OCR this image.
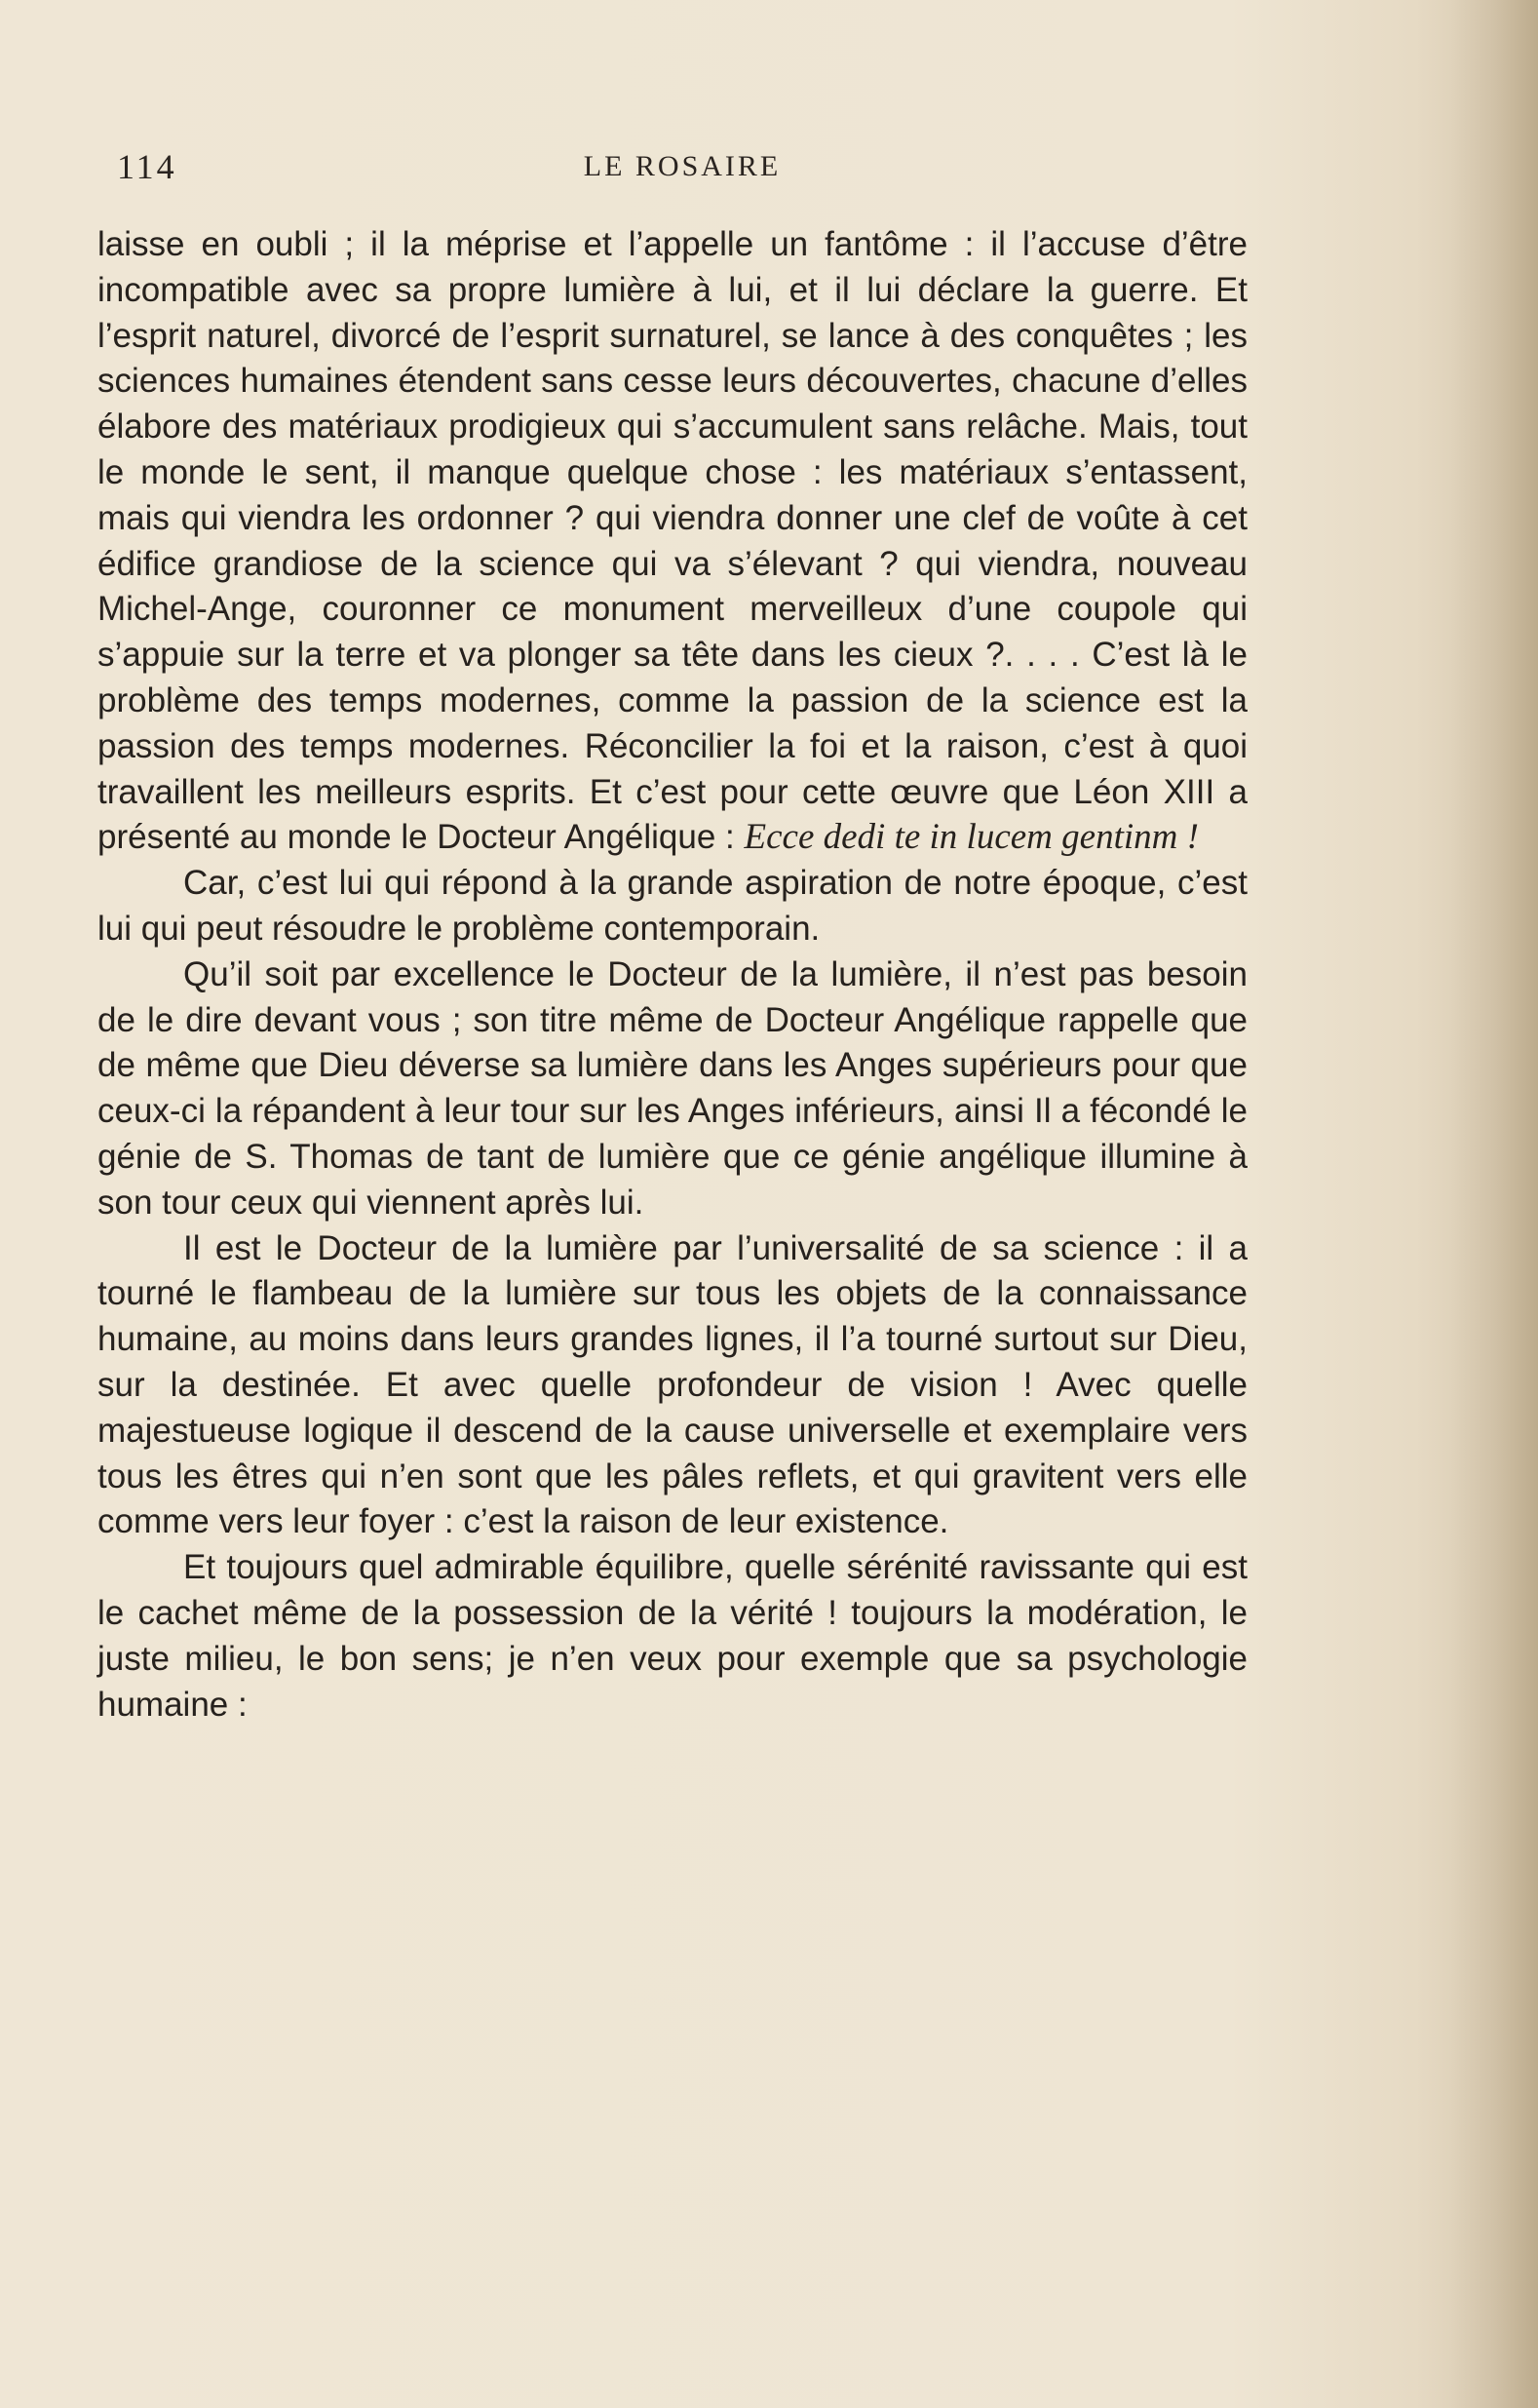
114	LE ROSAIRE

laisse en oubli ; il la méprise et l’appelle un fantôme : il l’accuse d’être incompatible avec sa propre lumière à lui, et il lui déclare la guerre. Et l’esprit naturel, divorcé de l’esprit surnaturel, se lance à des conquêtes ; les sciences humaines étendent sans cesse leurs découvertes, chacune d’elles élabore des matériaux prodigieux qui s’accumulent sans relâche. Mais, tout le monde le sent, il manque quelque chose : les matériaux s’entassent, mais qui viendra les ordonner ? qui viendra donner une clef de voûte à cet édifice grandiose de la science qui va s’élevant ? qui viendra, nouveau Michel-Ange, couronner ce monument merveilleux d’une coupole qui s’appuie sur la terre et va plonger sa tête dans les cieux ?. . . . C’est là le problème des temps modernes, comme la passion de la science est la passion des temps modernes. Réconcilier la foi et la raison, c’est à quoi travaillent les meilleurs esprits. Et c’est pour cette œuvre que Léon XIII a présenté au monde le Docteur Angélique : Ecce dedi te in lucem gentinm !

Car, c’est lui qui répond à la grande aspiration de notre époque, c’est lui qui peut résoudre le problème contemporain.

Qu’il soit par excellence le Docteur de la lumière, il n’est pas besoin de le dire devant vous ; son titre même de Docteur Angélique rappelle que de même que Dieu déverse sa lumière dans les Anges supérieurs pour que ceux-ci la répandent à leur tour sur les Anges inférieurs, ainsi Il a fécondé le génie de S. Thomas de tant de lumière que ce génie angélique illumine à son tour ceux qui viennent après lui.

Il est le Docteur de la lumière par l’universalité de sa science : il a tourné le flambeau de la lumière sur tous les objets de la connaissance humaine, au moins dans leurs grandes lignes, il l’a tourné surtout sur Dieu, sur la destinée. Et avec quelle profondeur de vision ! Avec quelle majestueuse logique il descend de la cause universelle et exemplaire vers tous les êtres qui n’en sont que les pâles reflets, et qui gravitent vers elle comme vers leur foyer : c’est la raison de leur existence.

Et toujours quel admirable équilibre, quelle sérénité ravissante qui est le cachet même de la possession de la vérité ! toujours la modération, le juste milieu, le bon sens; je n’en veux pour exemple que sa psychologie humaine :
